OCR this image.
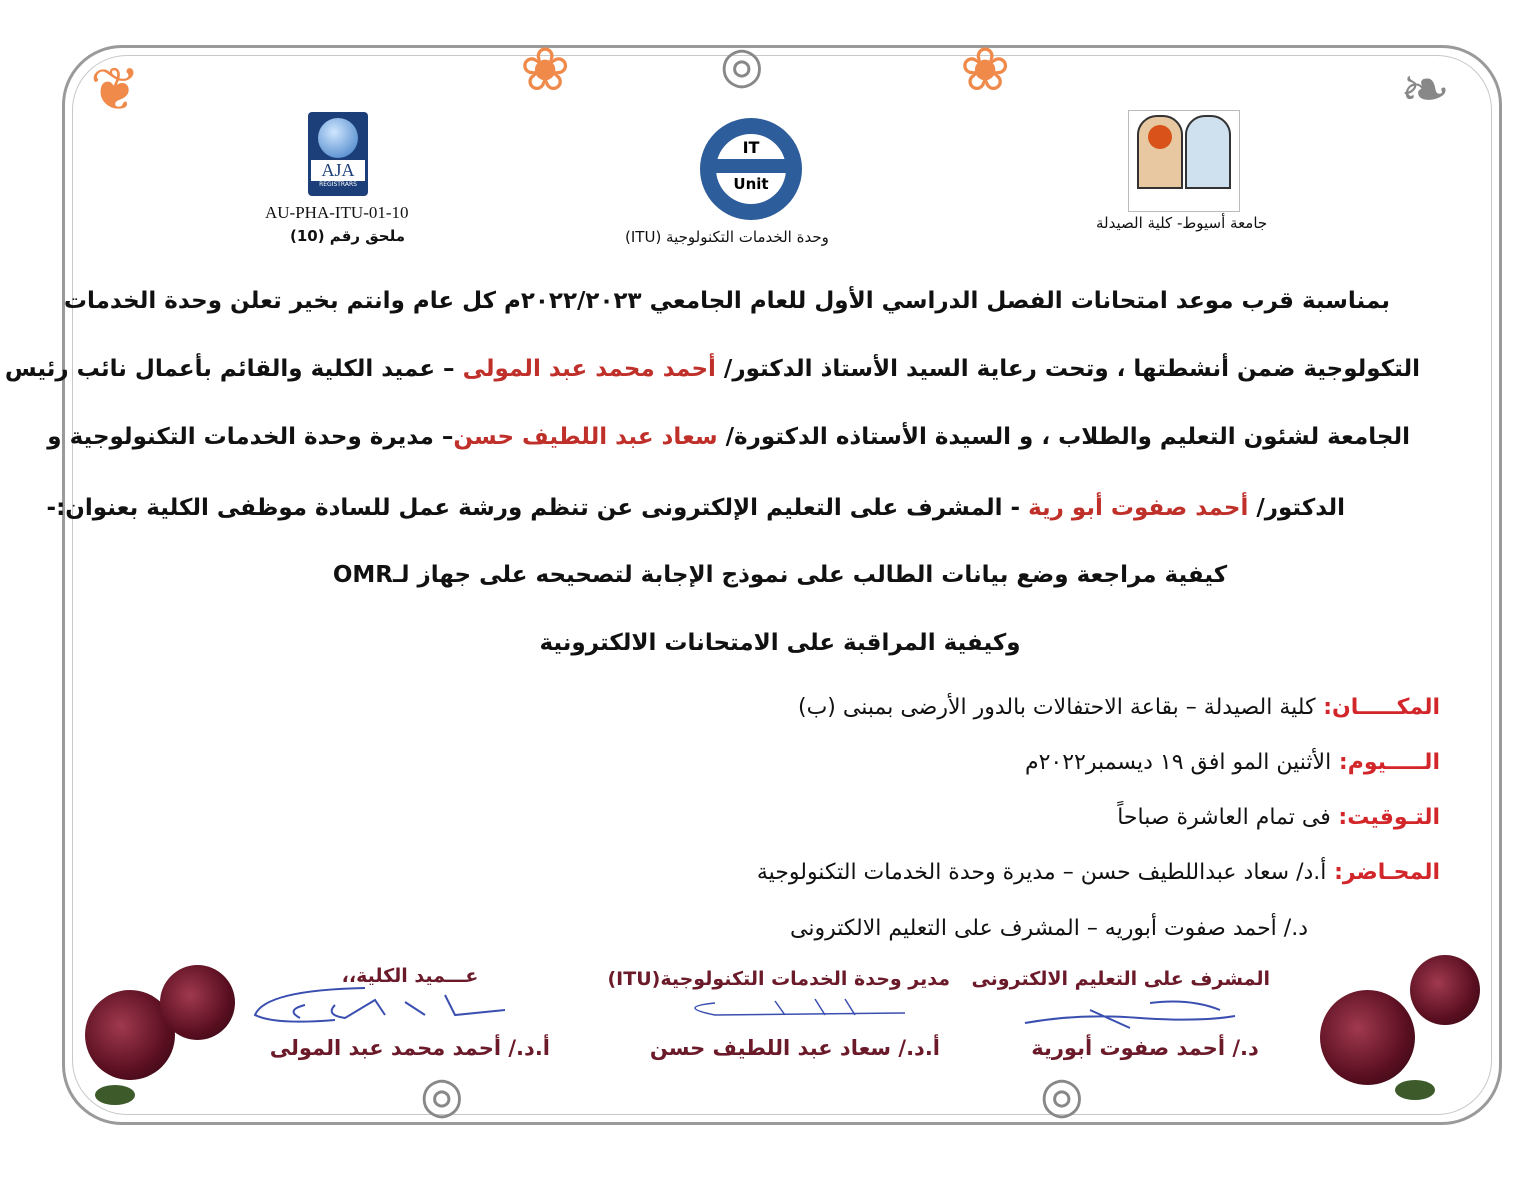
❦	❧
❀	❀
◎
◎	◎
AJA
REGISTRARS
AU-PHA-ITU-01-10
ملحق رقم (10)
IT
Unit
وحدة الخدمات التكنولوجية (ITU)
جامعة أسيوط- كلية الصيدلة
بمناسبة قرب موعد امتحانات الفصل الدراسي الأول للعام الجامعي ٢٠٢٢/٢٠٢٣م كل عام وانتم بخير تعلن وحدة الخدمات
التكولوجية ضمن أنشطتها ، وتحت رعاية السيد الأستاذ الدكتور/ أحمد محمد عبد المولى – عميد الكلية والقائم بأعمال نائب رئيس
الجامعة لشئون التعليم والطلاب ، و السيدة الأستاذه الدكتورة/ سعاد عبد اللطيف حسن– مديرة وحدة الخدمات التكنولوجية و
الدكتور/ أحمد صفوت أبو رية - المشرف على التعليم الإلكترونى عن تنظم ورشة عمل للسادة موظفى الكلية بعنوان:-
كيفية مراجعة وضع بيانات الطالب على نموذج الإجابة لتصحيحه على جهاز لـOMR
وكيفية المراقبة على الامتحانات الالكترونية
المكـــــان: كلية الصيدلة – بقاعة الاحتفالات بالدور الأرضى بمبنى (ب)
الـــــيوم: الأثنين المو افق ١٩ ديسمبر٢٠٢٢م
التـوقيت: فى تمام العاشرة صباحاً
المحـاضر: أ.د/ سعاد عبداللطيف حسن – مديرة وحدة الخدمات التكنولوجية
د./ أحمد صفوت أبوريه – المشرف على التعليم الالكترونى
المشرف على التعليم الالكترونى
د./ أحمد صفوت أبورية
مدير وحدة الخدمات التكنولوجية(ITU)
أ.د./ سعاد عبد اللطيف حسن
عـــميد الكلية،،
أ.د./ أحمد محمد عبد المولى
